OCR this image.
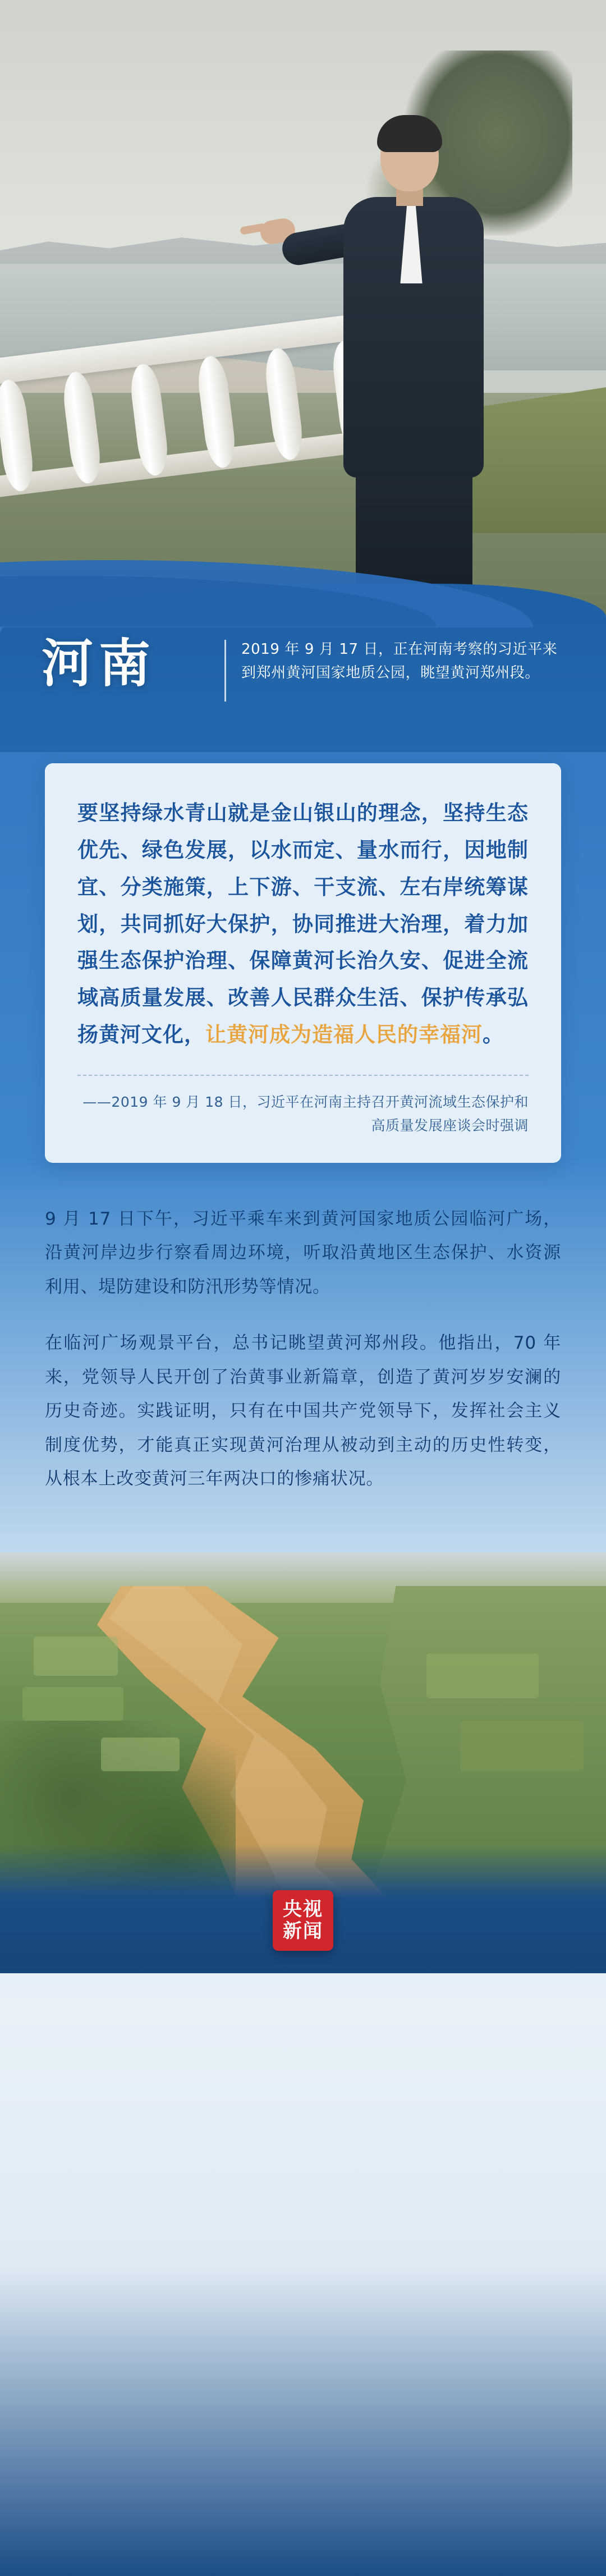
河南	2019 年 9 月 17 日，正在河南考察的习近平来到郑州黄河国家地质公园，眺望黄河郑州段。
要坚持绿水青山就是金山银山的理念，坚持生态优先、绿色发展，以水而定、量水而行，因地制宜、分类施策，上下游、干支流、左右岸统筹谋划，共同抓好大保护，协同推进大治理，着力加强生态保护治理、保障黄河长治久安、促进全流域高质量发展、改善人民群众生活、保护传承弘扬黄河文化，让黄河成为造福人民的幸福河。
——2019 年 9 月 18 日，习近平在河南主持召开黄河流域生态保护和高质量发展座谈会时强调

9 月 17 日下午，习近平乘车来到黄河国家地质公园临河广场，沿黄河岸边步行察看周边环境，听取沿黄地区生态保护、水资源利用、堤防建设和防汛形势等情况。

在临河广场观景平台，总书记眺望黄河郑州段。他指出，70 年来，党领导人民开创了治黄事业新篇章，创造了黄河岁岁安澜的历史奇迹。实践证明，只有在中国共产党领导下，发挥社会主义制度优势，才能真正实现黄河治理从被动到主动的历史性转变，从根本上改变黄河三年两决口的惨痛状况。

央视
新闻
